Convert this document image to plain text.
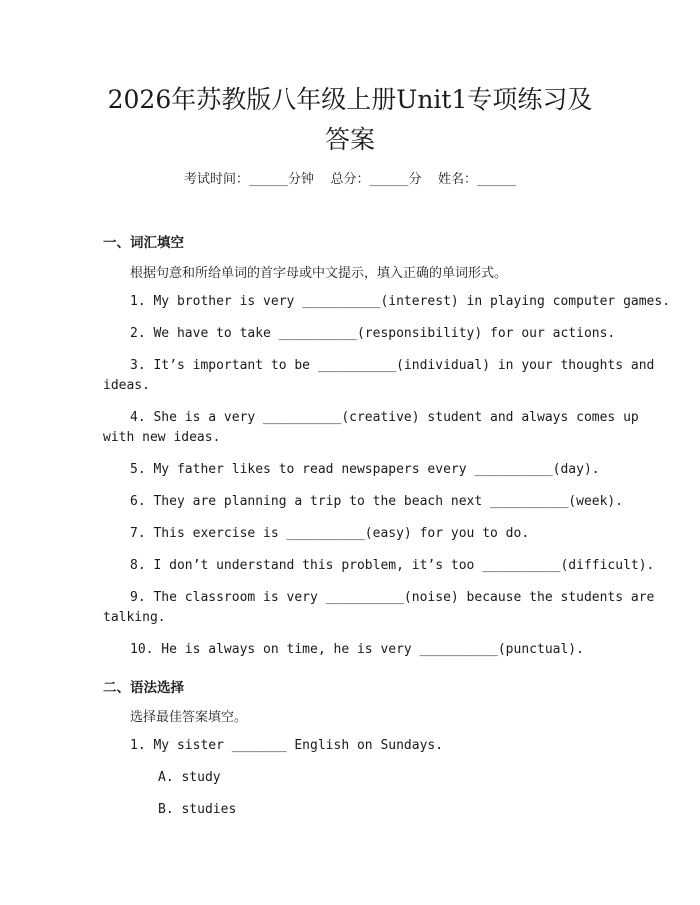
2026年苏教版八年级上册Unit1专项练习及
答案
考试时间：______分钟    总分：______分    姓名：______
一、词汇填空
根据句意和所给单词的首字母或中文提示，填入正确的单词形式。
1. My brother is very __________(interest) in playing computer games.
2. We have to take __________(responsibility) for our actions.
3. It’s important to be __________(individual) in your thoughts and
ideas.
4. She is a very __________(creative) student and always comes up
with new ideas.
5. My father likes to read newspapers every __________(day).
6. They are planning a trip to the beach next __________(week).
7. This exercise is __________(easy) for you to do.
8. I don’t understand this problem, it’s too __________(difficult).
9. The classroom is very __________(noise) because the students are
talking.
10. He is always on time, he is very __________(punctual).
二、语法选择
选择最佳答案填空。
1. My sister _______ English on Sundays.
A. study
B. studies
